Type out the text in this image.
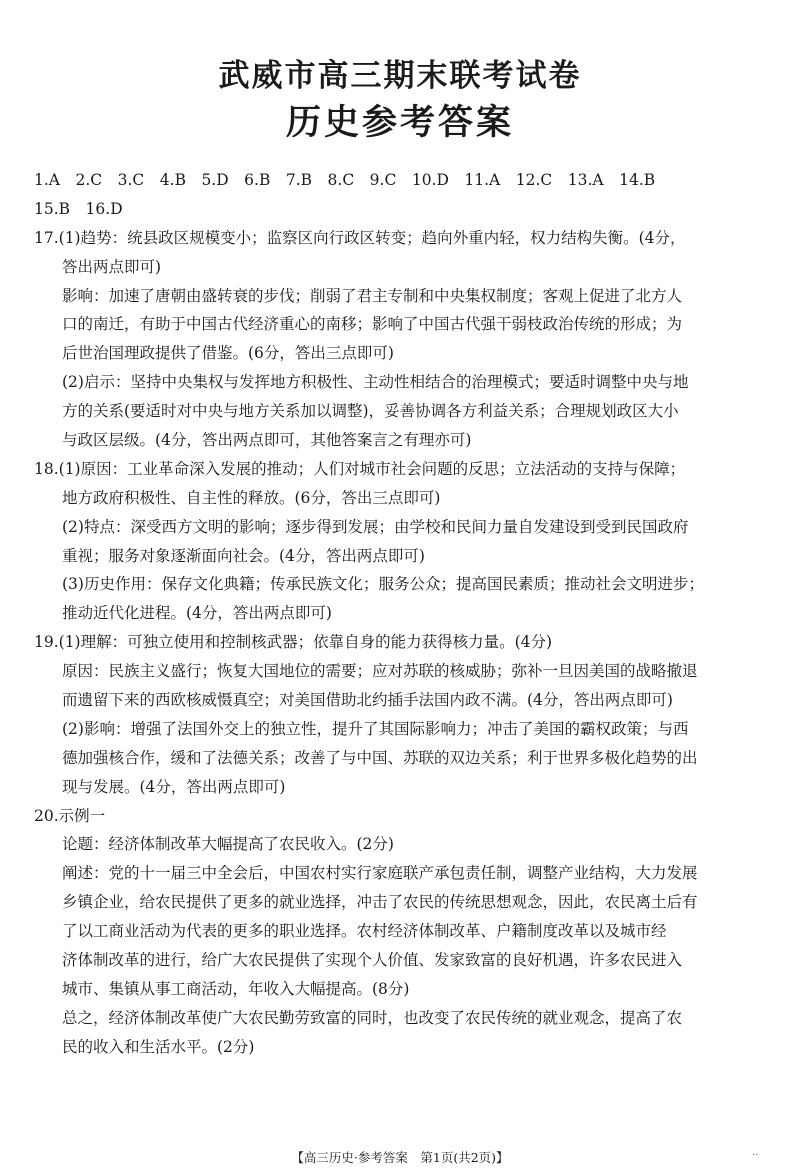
武威市高三期末联考试卷
历史参考答案
1.A　2.C　3.C　4.B　5.D　6.B　7.B　8.C　9.C　10.D　11.A　12.C　13.A　14.B
15.B　16.D
17.(1)趋势：统县政区规模变小；监察区向行政区转变；趋向外重内轻，权力结构失衡。(4分，
答出两点即可)
影响：加速了唐朝由盛转衰的步伐；削弱了君主专制和中央集权制度；客观上促进了北方人
口的南迁，有助于中国古代经济重心的南移；影响了中国古代强干弱枝政治传统的形成；为
后世治国理政提供了借鉴。(6分，答出三点即可)
(2)启示：坚持中央集权与发挥地方积极性、主动性相结合的治理模式；要适时调整中央与地
方的关系(要适时对中央与地方关系加以调整)，妥善协调各方利益关系；合理规划政区大小
与政区层级。(4分，答出两点即可，其他答案言之有理亦可)
18.(1)原因：工业革命深入发展的推动；人们对城市社会问题的反思；立法活动的支持与保障；
地方政府积极性、自主性的释放。(6分，答出三点即可)
(2)特点：深受西方文明的影响；逐步得到发展；由学校和民间力量自发建设到受到民国政府
重视；服务对象逐渐面向社会。(4分，答出两点即可)
(3)历史作用：保存文化典籍；传承民族文化；服务公众；提高国民素质；推动社会文明进步；
推动近代化进程。(4分，答出两点即可)
19.(1)理解：可独立使用和控制核武器；依靠自身的能力获得核力量。(4分)
原因：民族主义盛行；恢复大国地位的需要；应对苏联的核威胁；弥补一旦因美国的战略撤退
而遗留下来的西欧核威慑真空；对美国借助北约插手法国内政不满。(4分，答出两点即可)
(2)影响：增强了法国外交上的独立性，提升了其国际影响力；冲击了美国的霸权政策；与西
德加强核合作，缓和了法德关系；改善了与中国、苏联的双边关系；利于世界多极化趋势的出
现与发展。(4分，答出两点即可)
20.示例一
论题：经济体制改革大幅提高了农民收入。(2分)
阐述：党的十一届三中全会后，中国农村实行家庭联产承包责任制，调整产业结构，大力发展
乡镇企业，给农民提供了更多的就业选择，冲击了农民的传统思想观念，因此，农民离土后有
了以工商业活动为代表的更多的职业选择。农村经济体制改革、户籍制度改革以及城市经
济体制改革的进行，给广大农民提供了实现个人价值、发家致富的良好机遇，许多农民进入
城市、集镇从事工商活动，年收入大幅提高。(8分)
总之，经济体制改革使广大农民勤劳致富的同时，也改变了农民传统的就业观念，提高了农
民的收入和生活水平。(2分)
【高三历史·参考答案　第1页(共2页)】	··
